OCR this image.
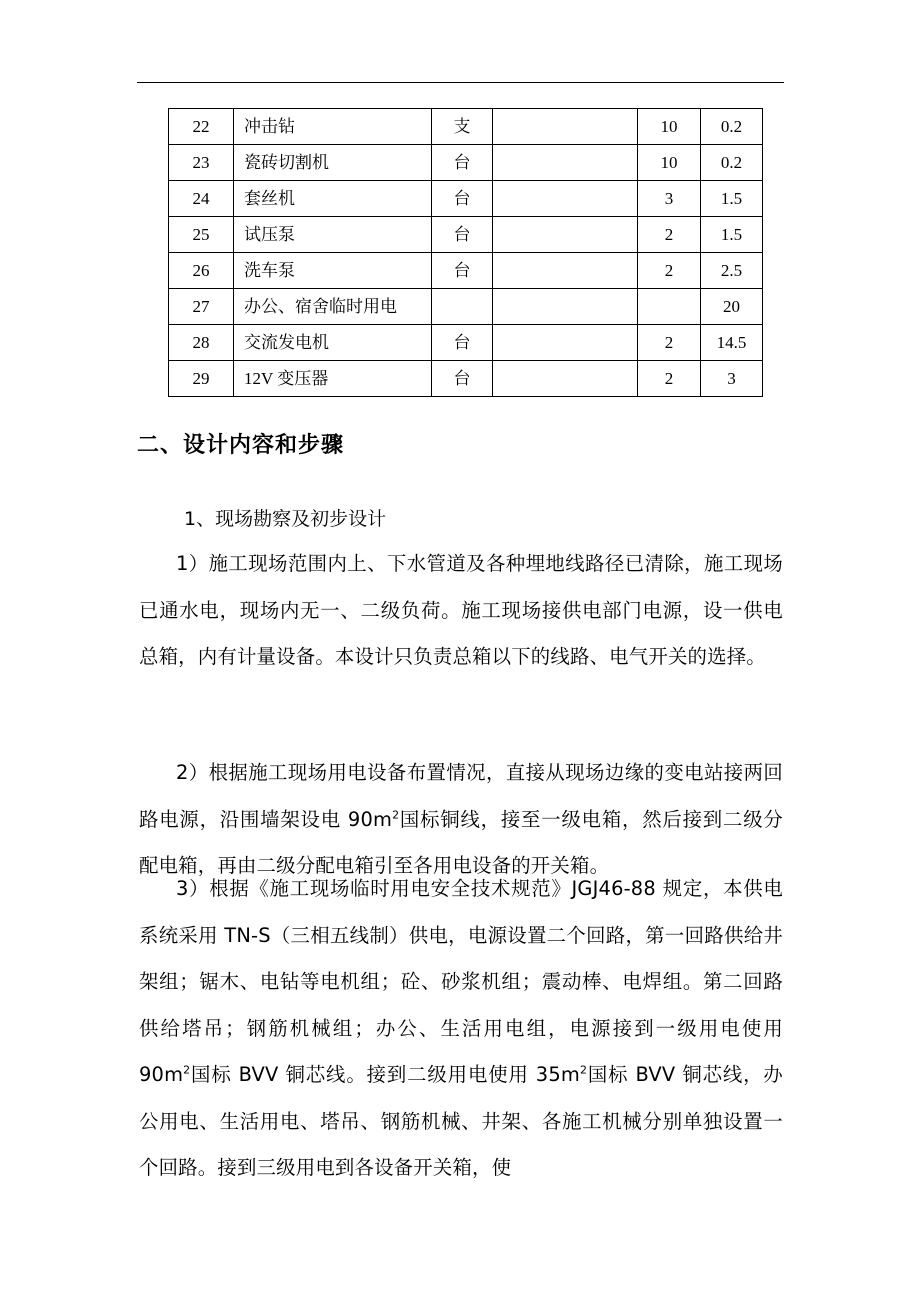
22	冲击钻	支		10	0.2
23	瓷砖切割机	台		10	0.2
24	套丝机	台		3	1.5
25	试压泵	台		2	1.5
26	洗车泵	台		2	2.5
27	办公、宿舍临时用电				20
28	交流发电机	台		2	14.5
29	12V 变压器	台		2	3
二、设计内容和步骤
1、现场勘察及初步设计

1）施工现场范围内上、下水管道及各种埋地线路径已清除，施工现场已通水电，现场内无一、二级负荷。施工现场接供电部门电源，设一供电总箱，内有计量设备。本设计只负责总箱以下的线路、电气开关的选择。

2）根据施工现场用电设备布置情况，直接从现场边缘的变电站接两回路电源，沿围墙架设电 $90m^2$国标铜线，接至一级电箱，然后接到二级分配电箱，再由二级分配电箱引至各用电设备的开关箱。

3）根据《施工现场临时用电安全技术规范》JGJ46-88 规定，本供电系统采用 TN-S（三相五线制）供电，电源设置二个回路，第一回路供给井架组；锯木、电钻等电机组；砼、砂浆机组；震动棒、电焊组。第二回路供给塔吊；钢筋机械组；办公、生活用电组，电源接到一级用电使用 $90m^2$国标 BVV 铜芯线。接到二级用电使用 $35m^2$国标 BVV 铜芯线，办公用电、生活用电、塔吊、钢筋机械、井架、各施工机械分别单独设置一个回路。接到三级用电到各设备开关箱，使
